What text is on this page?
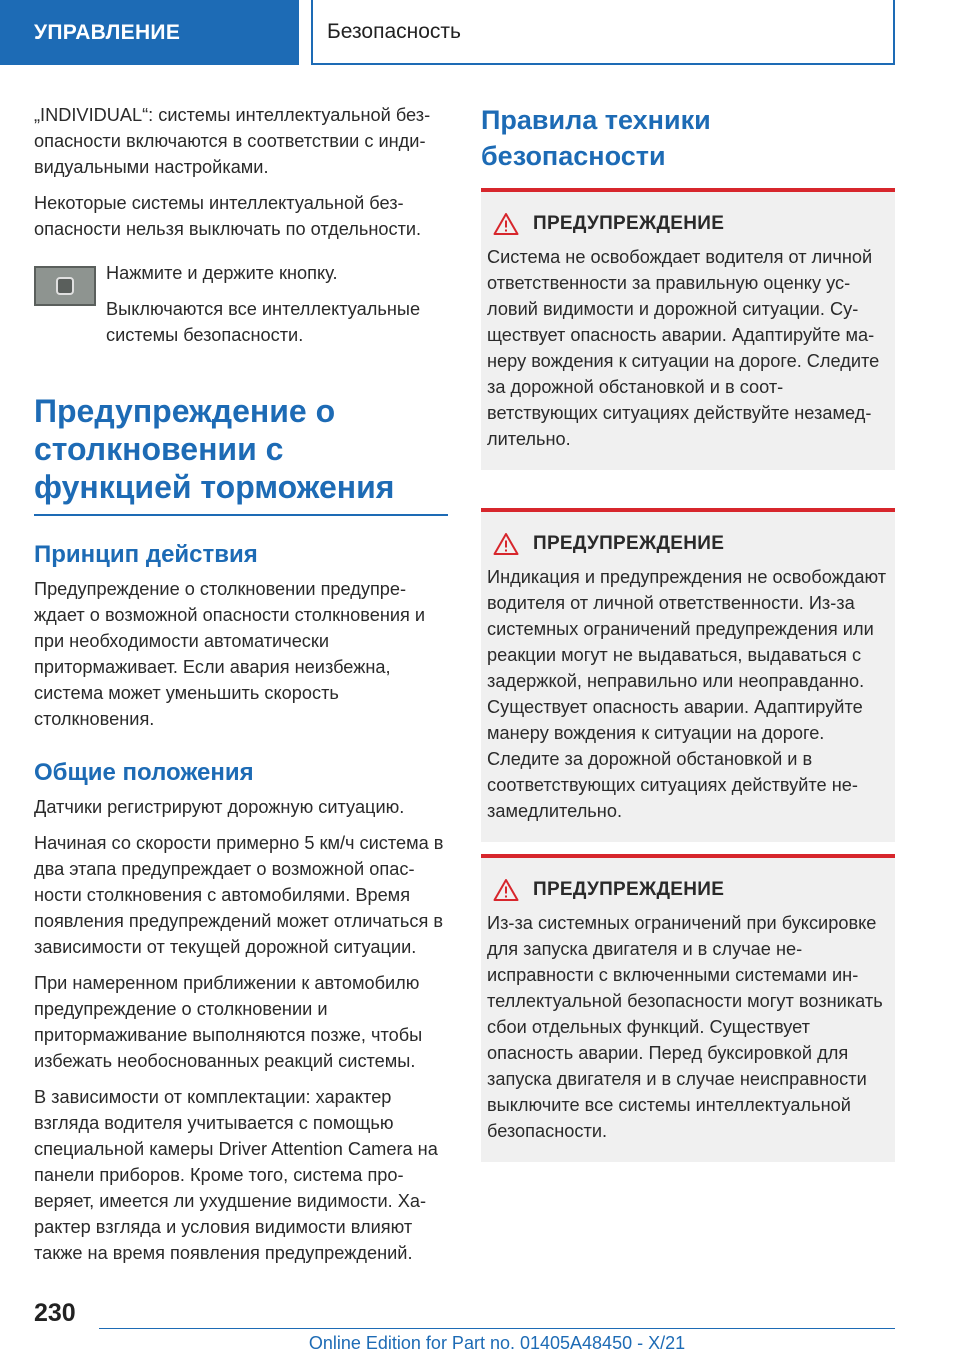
УПРАВЛЕНИЕ	Безопасность

„INDIVIDUAL“: системы интеллектуальной безопасности включаются в соответствии с индивидуальными настройками.

Некоторые системы интеллектуальной безопасности нельзя выключать по отдельности.

Нажмите и держите кнопку.

Выключаются все интеллектуальные системы безопасности.

Предупреждение о столкновении с функцией торможения
Принцип действия

Предупреждение о столкновении предупреждает о возможной опасности столкновения и при необходимости автоматически притормаживает. Если авария неизбежна, система может уменьшить скорость столкновения.

Общие положения

Датчики регистрируют дорожную ситуацию.

Начиная со скорости примерно 5 км/ч система в два этапа предупреждает о возможной опасности столкновения с автомобилями. Время появления предупреждений может отличаться в зависимости от текущей дорожной ситуации.

При намеренном приближении к автомобилю предупреждение о столкновении и притормаживание выполняются позже, чтобы избежать необоснованных реакций системы.

В зависимости от комплектации: характер взгляда водителя учитывается с помощью специальной камеры Driver Attention Camera на панели приборов. Кроме того, система проверяет, имеется ли ухудшение видимости. Характер взгляда и условия видимости влияют также на время появления предупреждений.

Правила техники безопасности
ПРЕДУПРЕЖДЕНИЕ

Система не освобождает водителя от личной ответственности за правильную оценку условий видимости и дорожной ситуации. Существует опасность аварии. Адаптируйте манеру вождения к ситуации на дороге. Следите за дорожной обстановкой и в соответствующих ситуациях действуйте незамедлительно.

ПРЕДУПРЕЖДЕНИЕ

Индикация и предупреждения не освобождают водителя от личной ответственности. Из-за системных ограничений предупреждения или реакции могут не выдаваться, выдаваться с задержкой, неправильно или неоправданно. Существует опасность аварии. Адаптируйте манеру вождения к ситуации на дороге. Следите за дорожной обстановкой и в соответствующих ситуациях действуйте незамедлительно.

ПРЕДУПРЕЖДЕНИЕ

Из-за системных ограничений при буксировке для запуска двигателя и в случае неисправности с включенными системами интеллектуальной безопасности могут возникать сбои отдельных функций. Существует опасность аварии. Перед буксировкой для запуска двигателя и в случае неисправности выключите все системы интеллектуальной безопасности.

230
Online Edition for Part no. 01405A48450 - X/21
